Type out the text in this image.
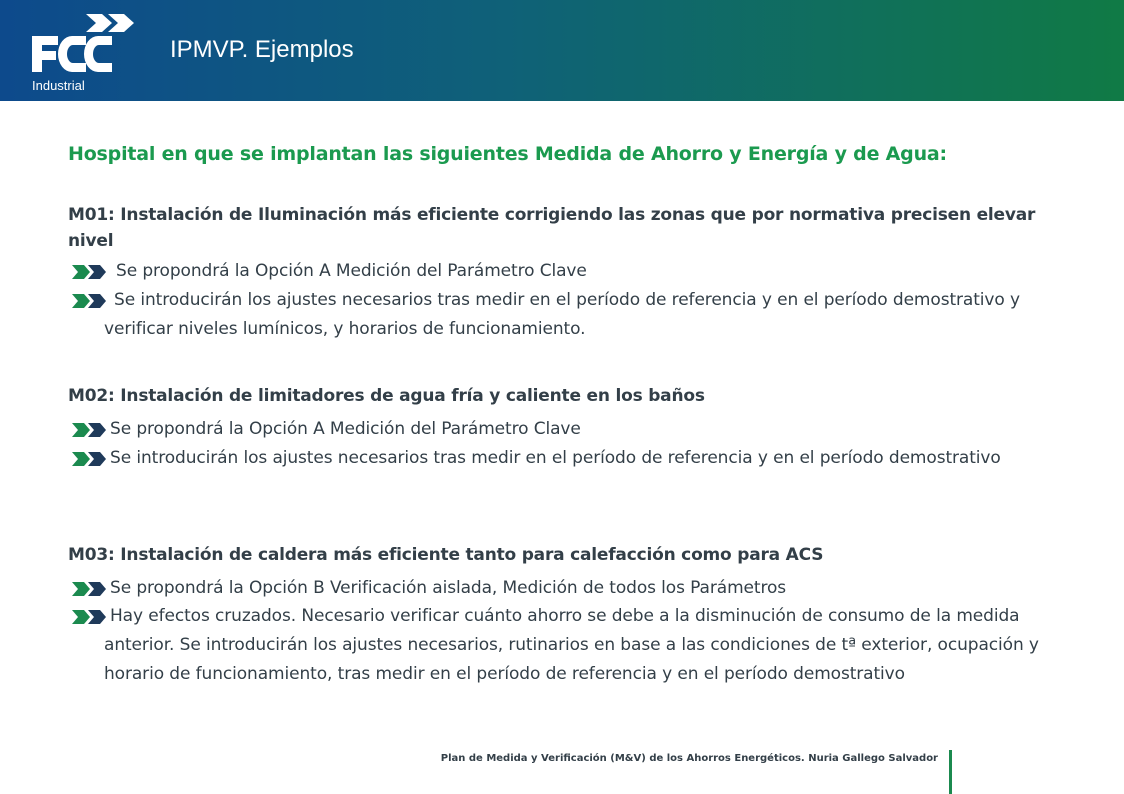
Industrial
IPMVP. Ejemplos
Hospital en que se implantan las siguientes Medida de Ahorro y Energía y de Agua:
M01: Instalación de Iluminación más eficiente corrigiendo las zonas que por normativa precisen elevar nivel
Se propondrá la Opción A Medición del Parámetro Clave
Se introducirán los ajustes necesarios tras medir en el período de referencia y en el período demostrativo y verificar niveles lumínicos, y horarios de funcionamiento.
M02: Instalación de limitadores de agua fría y caliente en los baños
Se propondrá la Opción A Medición del Parámetro Clave
Se introducirán los ajustes necesarios tras medir en el período de referencia y en el período demostrativo
M03: Instalación de caldera más eficiente tanto para calefacción como para ACS
Se propondrá la Opción B Verificación aislada, Medición de todos los Parámetros
Hay efectos cruzados. Necesario verificar cuánto ahorro se debe a la disminución de consumo de la medida anterior. Se introducirán los ajustes necesarios, rutinarios en base a las condiciones de tª exterior, ocupación y horario de funcionamiento, tras medir en el período de referencia y en el período demostrativo
Plan de Medida y Verificación (M&V) de los Ahorros Energéticos. Nuria Gallego Salvador
